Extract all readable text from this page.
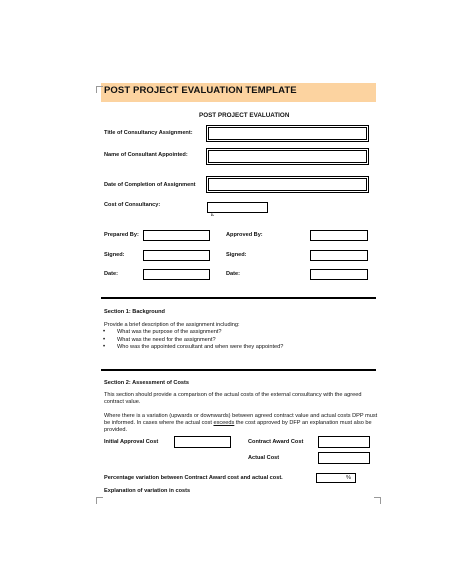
POST PROJECT EVALUATION TEMPLATE
POST PROJECT EVALUATION
Title of Consultancy Assignment:
Name of Consultant Appointed:
Date of Completion of Assignment
Cost of Consultancy:
£
Prepared By:	Approved By:
Signed:	Signed:
Date:	Date:
Section 1: Background
Provide a brief description of the assignment including:
• What was the purpose of the assignment?
• What was the need for the assignment?
• Who was the appointed consultant and when were they appointed?
Section 2: Assessment of Costs
This section should provide a comparison of the actual costs of the external consultancy with the agreed contract value.
Where there is a variation (upwards or downwards) between agreed contract value and actual costs DPP must be informed. In cases where the actual cost exceeds the cost approved by DFP an explanation must also be provided.
Initial Approval Cost	Contract Award Cost
Actual Cost
Percentage variation between Contract Award cost and actual cost.	%
Explanation of variation in costs
